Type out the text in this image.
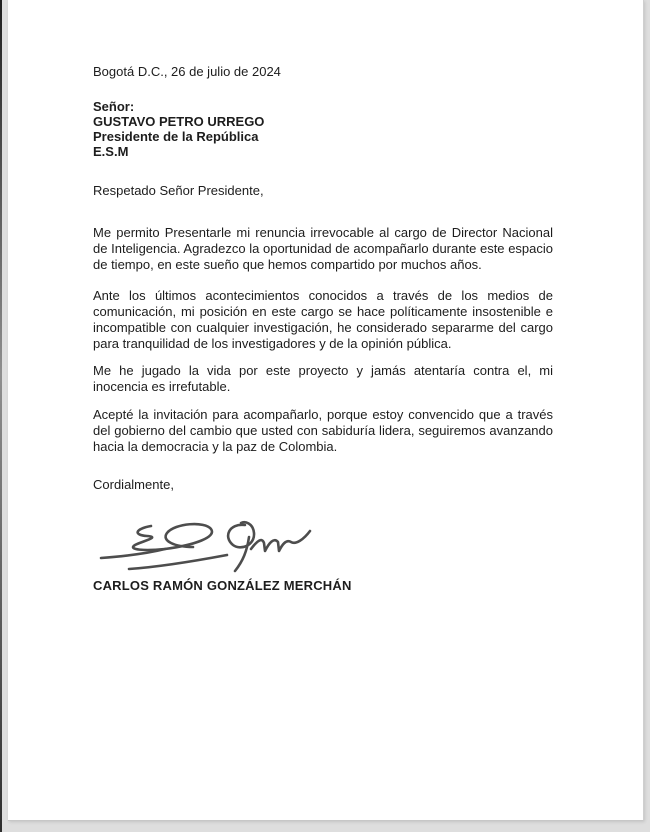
Bogotá D.C., 26 de julio de 2024

Señor:
GUSTAVO PETRO URREGO
Presidente de la República
E.S.M

Respetado Señor Presidente,

Me permito Presentarle mi renuncia irrevocable al cargo de Director Nacional de Inteligencia. Agradezco la oportunidad de acompañarlo durante este espacio de tiempo, en este sueño que hemos compartido por muchos años.

Ante los últimos acontecimientos conocidos a través de los medios de comunicación, mi posición en este cargo se hace políticamente insostenible e incompatible con cualquier investigación, he considerado separarme del cargo para tranquilidad de los investigadores y de la opinión pública.

Me he jugado la vida por este proyecto y jamás atentaría contra el, mi inocencia es irrefutable.

Acepté la invitación para acompañarlo, porque estoy convencido que a través del gobierno del cambio que usted con sabiduría lidera, seguiremos avanzando hacia la democracia y la paz de Colombia.

Cordialmente,

CARLOS RAMÓN GONZÁLEZ MERCHÁN
